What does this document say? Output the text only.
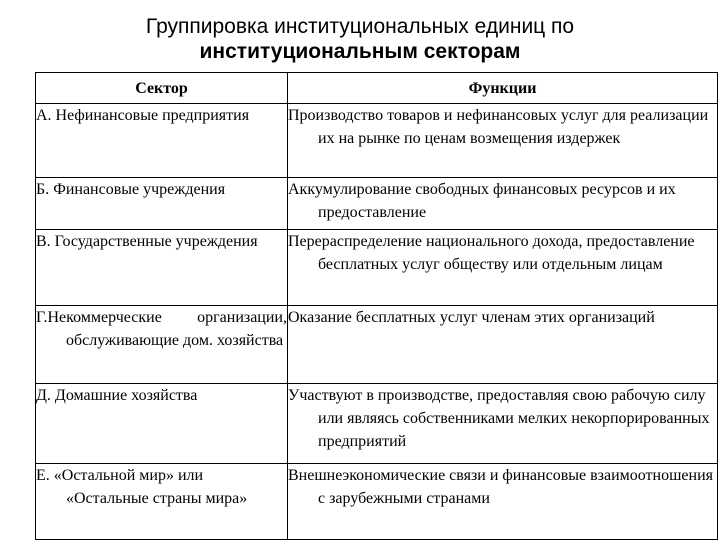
Группировка институциональных единиц по
институциональным секторам
Сектор	Функции

А. Нефинансовые предприятия	Производство товаров и нефинансовых услуг для реализации их на рынке по ценам возмещения издержек

Б. Финансовые учреждения	Аккумулирование свободных финансовых ресурсов и их предоставление

В. Государственные учреждения	Перераспределение национального дохода, предоставление бесплатных услуг обществу или отдельным лицам

Г.Некоммерческие организации, обслуживающие дом. хозяйства	Оказание бесплатных услуг членам этих организаций

Д. Домашние хозяйства	Участвуют в производстве, предоставляя свою рабочую силу или являясь собственниками мелких некорпорированных предприятий

Е. «Остальной мир» или «Остальные страны мира»	Внешнеэкономические связи и финансовые взаимоотношения с зарубежными странами
